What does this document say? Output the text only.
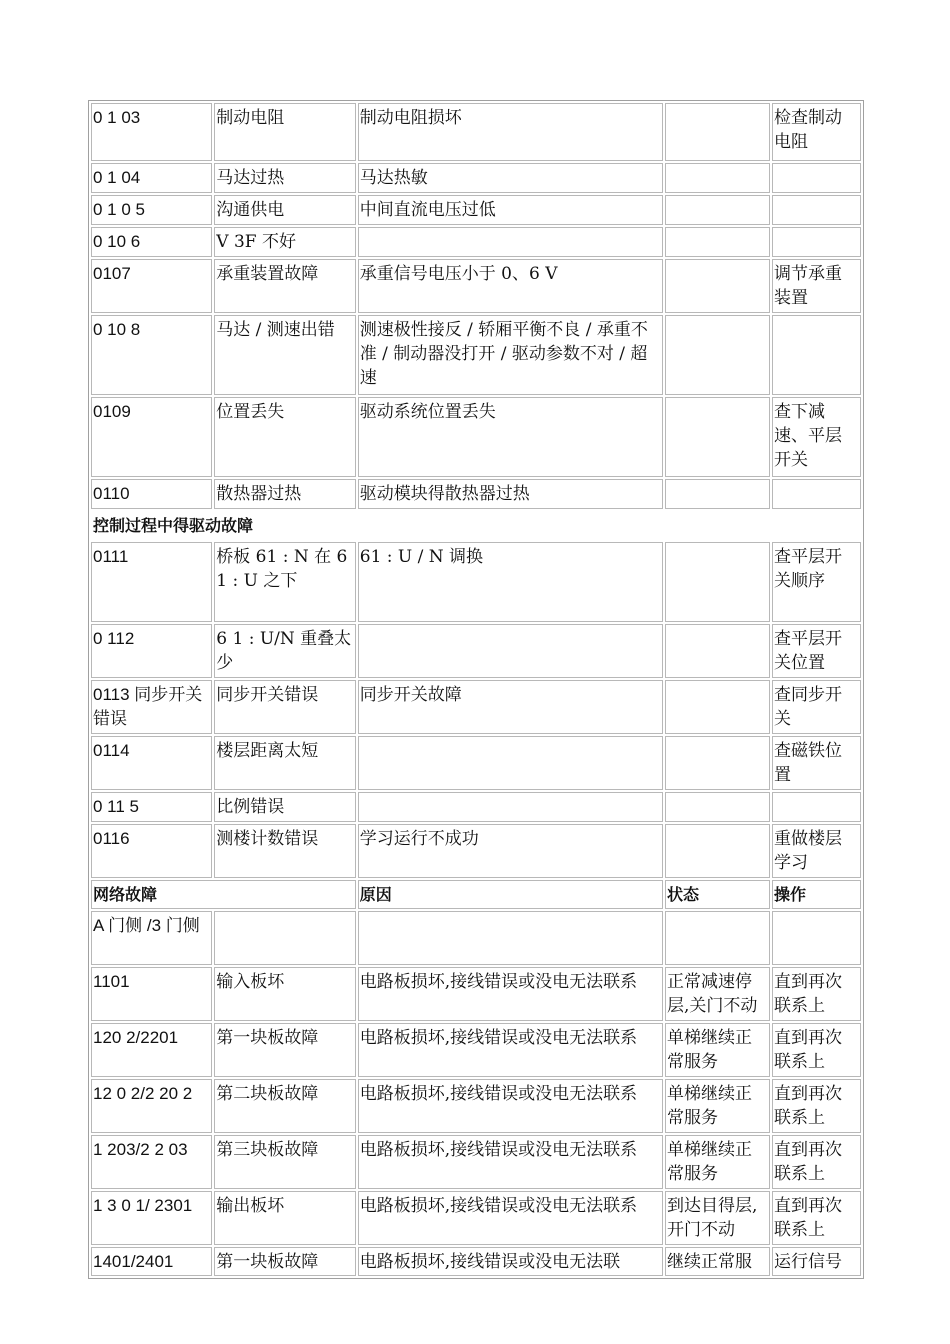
0 1 03	制动电阻	制动电阻损坏		检查制动电阻
0 1 04	马达过热	马达热敏		
0 1 0 5	沟通供电	中间直流电压过低		
0 10 6	V 3F 不好			
0107	承重装置故障	承重信号电压小于 0、6 V		调节承重装置
0 10 8	马达 / 测速出错	测速极性接反 / 轿厢平衡不良 / 承重不准 / 制动器没打开 / 驱动参数不对 / 超速		
0109	位置丢失	驱动系统位置丢失		查下减速、平层开关
0110	散热器过热	驱动模块得散热器过热		
控制过程中得驱动故障				
0111	桥板 61 : N 在 6 1 : U 之下	61 : U / N 调换		查平层开关顺序
0 112	6 1 : U/N 重叠太少			查平层开关位置
0113 同步开关错误	同步开关错误	同步开关故障		查同步开关
0114	楼层距离太短			查磁铁位置
0 11 5	比例错误			
0116	测楼计数错误	学习运行不成功		重做楼层学习
网络故障		原因	状态	操作
A 门侧 /3 门侧				
1101	输入板坏	电路板损坏,接线错误或没电无法联系	正常减速停层,关门不动	直到再次联系上
120 2/2201	第一块板故障	电路板损坏,接线错误或没电无法联系	单梯继续正常服务	直到再次联系上
12 0 2/2 20 2	第二块板故障	电路板损坏,接线错误或没电无法联系	单梯继续正常服务	直到再次联系上
1 203/2 2 03	第三块板故障	电路板损坏,接线错误或没电无法联系	单梯继续正常服务	直到再次联系上
1 3 0 1/ 2301	输出板坏	电路板损坏,接线错误或没电无法联系	到达目得层,开门不动	直到再次联系上
1401/2401	第一块板故障	电路板损坏,接线错误或没电无法联	继续正常服	运行信号
